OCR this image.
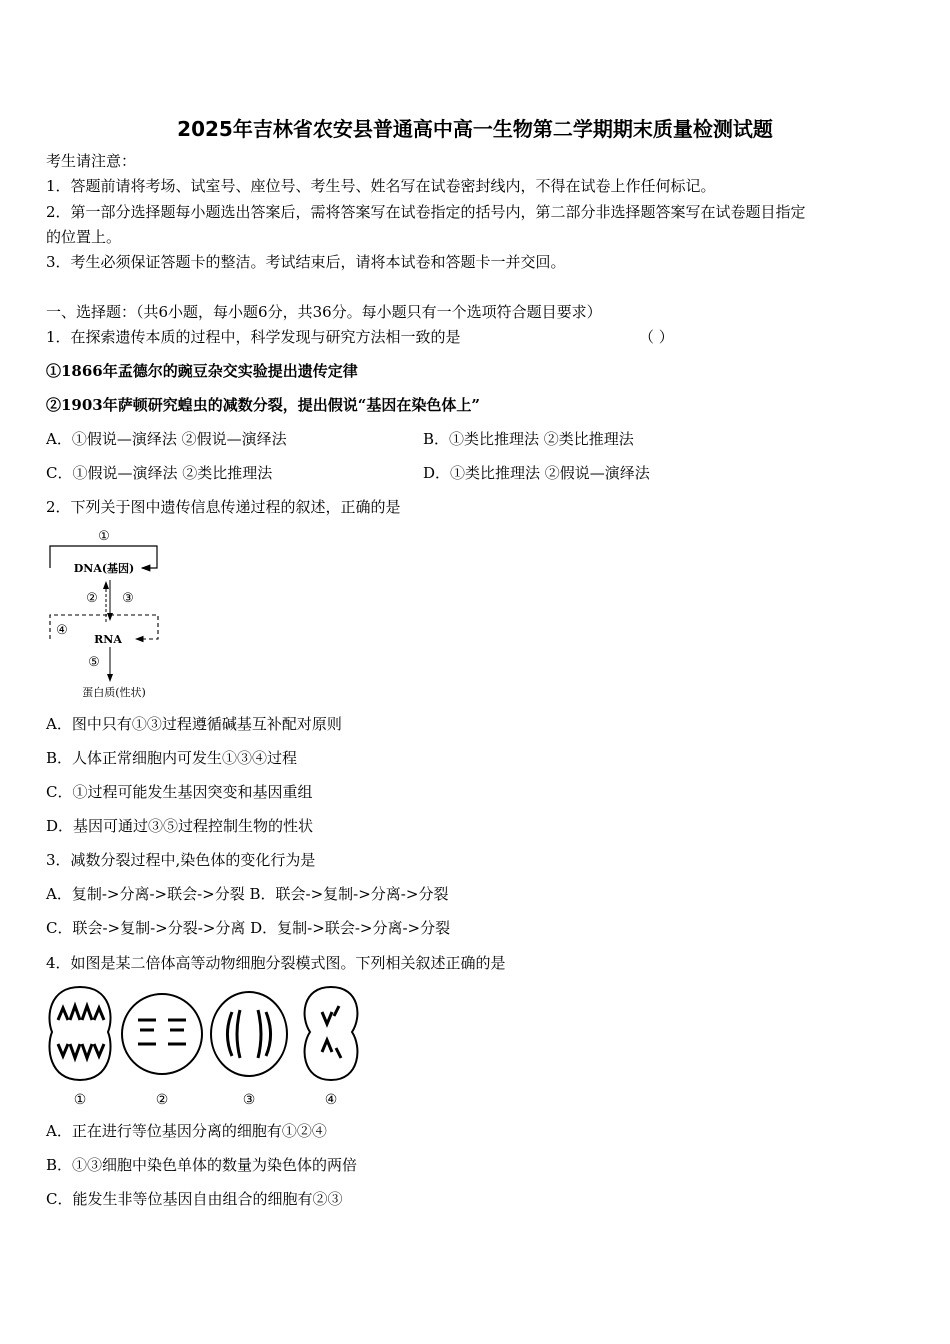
2025年吉林省农安县普通高中高一生物第二学期期末质量检测试题
考生请注意：
1．答题前请将考场、试室号、座位号、考生号、姓名写在试卷密封线内，不得在试卷上作任何标记。
2．第一部分选择题每小题选出答案后，需将答案写在试卷指定的括号内，第二部分非选择题答案写在试卷题目指定
的位置上。
3．考生必须保证答题卡的整洁。考试结束后，请将本试卷和答题卡一并交回。
一、选择题：（共6小题，每小题6分，共36分。每小题只有一个选项符合题目要求）
1．在探索遗传本质的过程中，科学发现与研究方法相一致的是	（ ）
①1866年孟德尔的豌豆杂交实验提出遗传定律
②1903年萨顿研究蝗虫的减数分裂，提出假说“基因在染色体上”
A．①假说—演绎法 ②假说—演绎法	B．①类比推理法 ②类比推理法
C．①假说—演绎法 ②类比推理法	D．①类比推理法 ②假说—演绎法
2．下列关于图中遗传信息传递过程的叙述，正确的是
①
DNA(基因)
② ③
④
RNA
⑤
蛋白质(性状)
A．图中只有①③过程遵循碱基互补配对原则
B．人体正常细胞内可发生①③④过程
C．①过程可能发生基因突变和基因重组
D．基因可通过③⑤过程控制生物的性状
3．减数分裂过程中,染色体的变化行为是
A．复制->分离->联会->分裂 B．联会->复制->分离->分裂
C．联会->复制->分裂->分离 D．复制->联会->分离->分裂
4．如图是某二倍体高等动物细胞分裂模式图。下列相关叙述正确的是
①	②	③	④
A．正在进行等位基因分离的细胞有①②④
B．①③细胞中染色单体的数量为染色体的两倍
C．能发生非等位基因自由组合的细胞有②③
